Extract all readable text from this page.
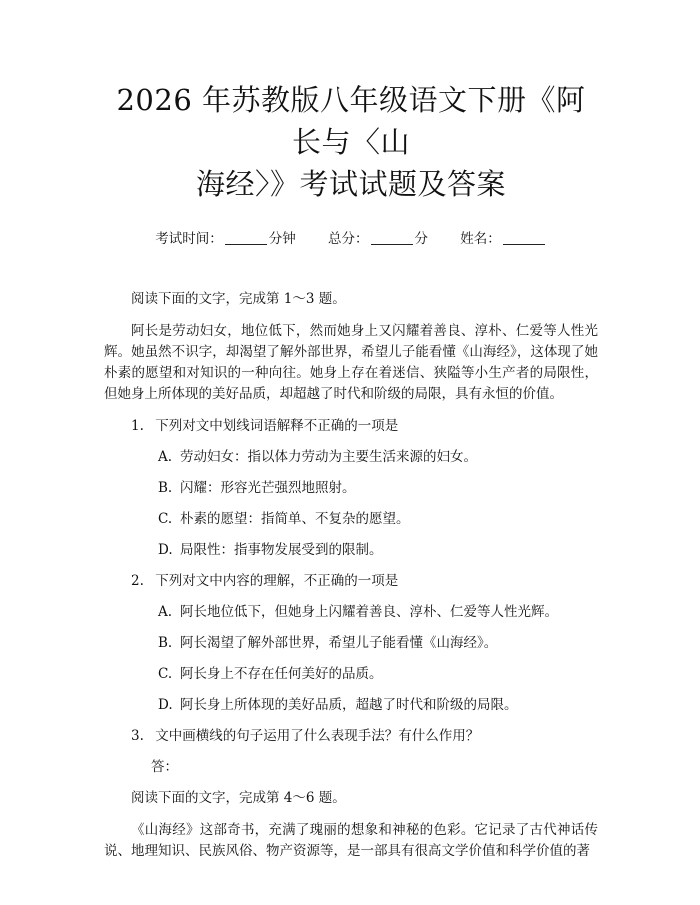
2026 年苏教版八年级语文下册《阿长与〈山
海经〉》考试试题及答案
考试时间：	分钟 总分：	分 姓名：

阅读下面的文字，完成第 1～3 题。

阿长是劳动妇女，地位低下，然而她身上又闪耀着善良、淳朴、仁爱等人性光辉。她虽然不识字，却渴望了解外部世界，希望儿子能看懂《山海经》，这体现了她朴素的愿望和对知识的一种向往。她身上存在着迷信、狭隘等小生产者的局限性，但她身上所体现的美好品质，却超越了时代和阶级的局限，具有永恒的价值。

1. 下列对文中划线词语解释不正确的一项是
A. 劳动妇女：指以体力劳动为主要生活来源的妇女。
B. 闪耀：形容光芒强烈地照射。
C. 朴素的愿望：指简单、不复杂的愿望。
D. 局限性：指事物发展受到的限制。
2. 下列对文中内容的理解，不正确的一项是
A. 阿长地位低下，但她身上闪耀着善良、淳朴、仁爱等人性光辉。
B. 阿长渴望了解外部世界，希望儿子能看懂《山海经》。
C. 阿长身上不存在任何美好的品质。
D. 阿长身上所体现的美好品质，超越了时代和阶级的局限。
3. 文中画横线的句子运用了什么表现手法？有什么作用？
答：

阅读下面的文字，完成第 4～6 题。

《山海经》这部奇书，充满了瑰丽的想象和神秘的色彩。它记录了古代神话传说、地理知识、民族风俗、物产资源等，是一部具有很高文学价值和科学价值的著
